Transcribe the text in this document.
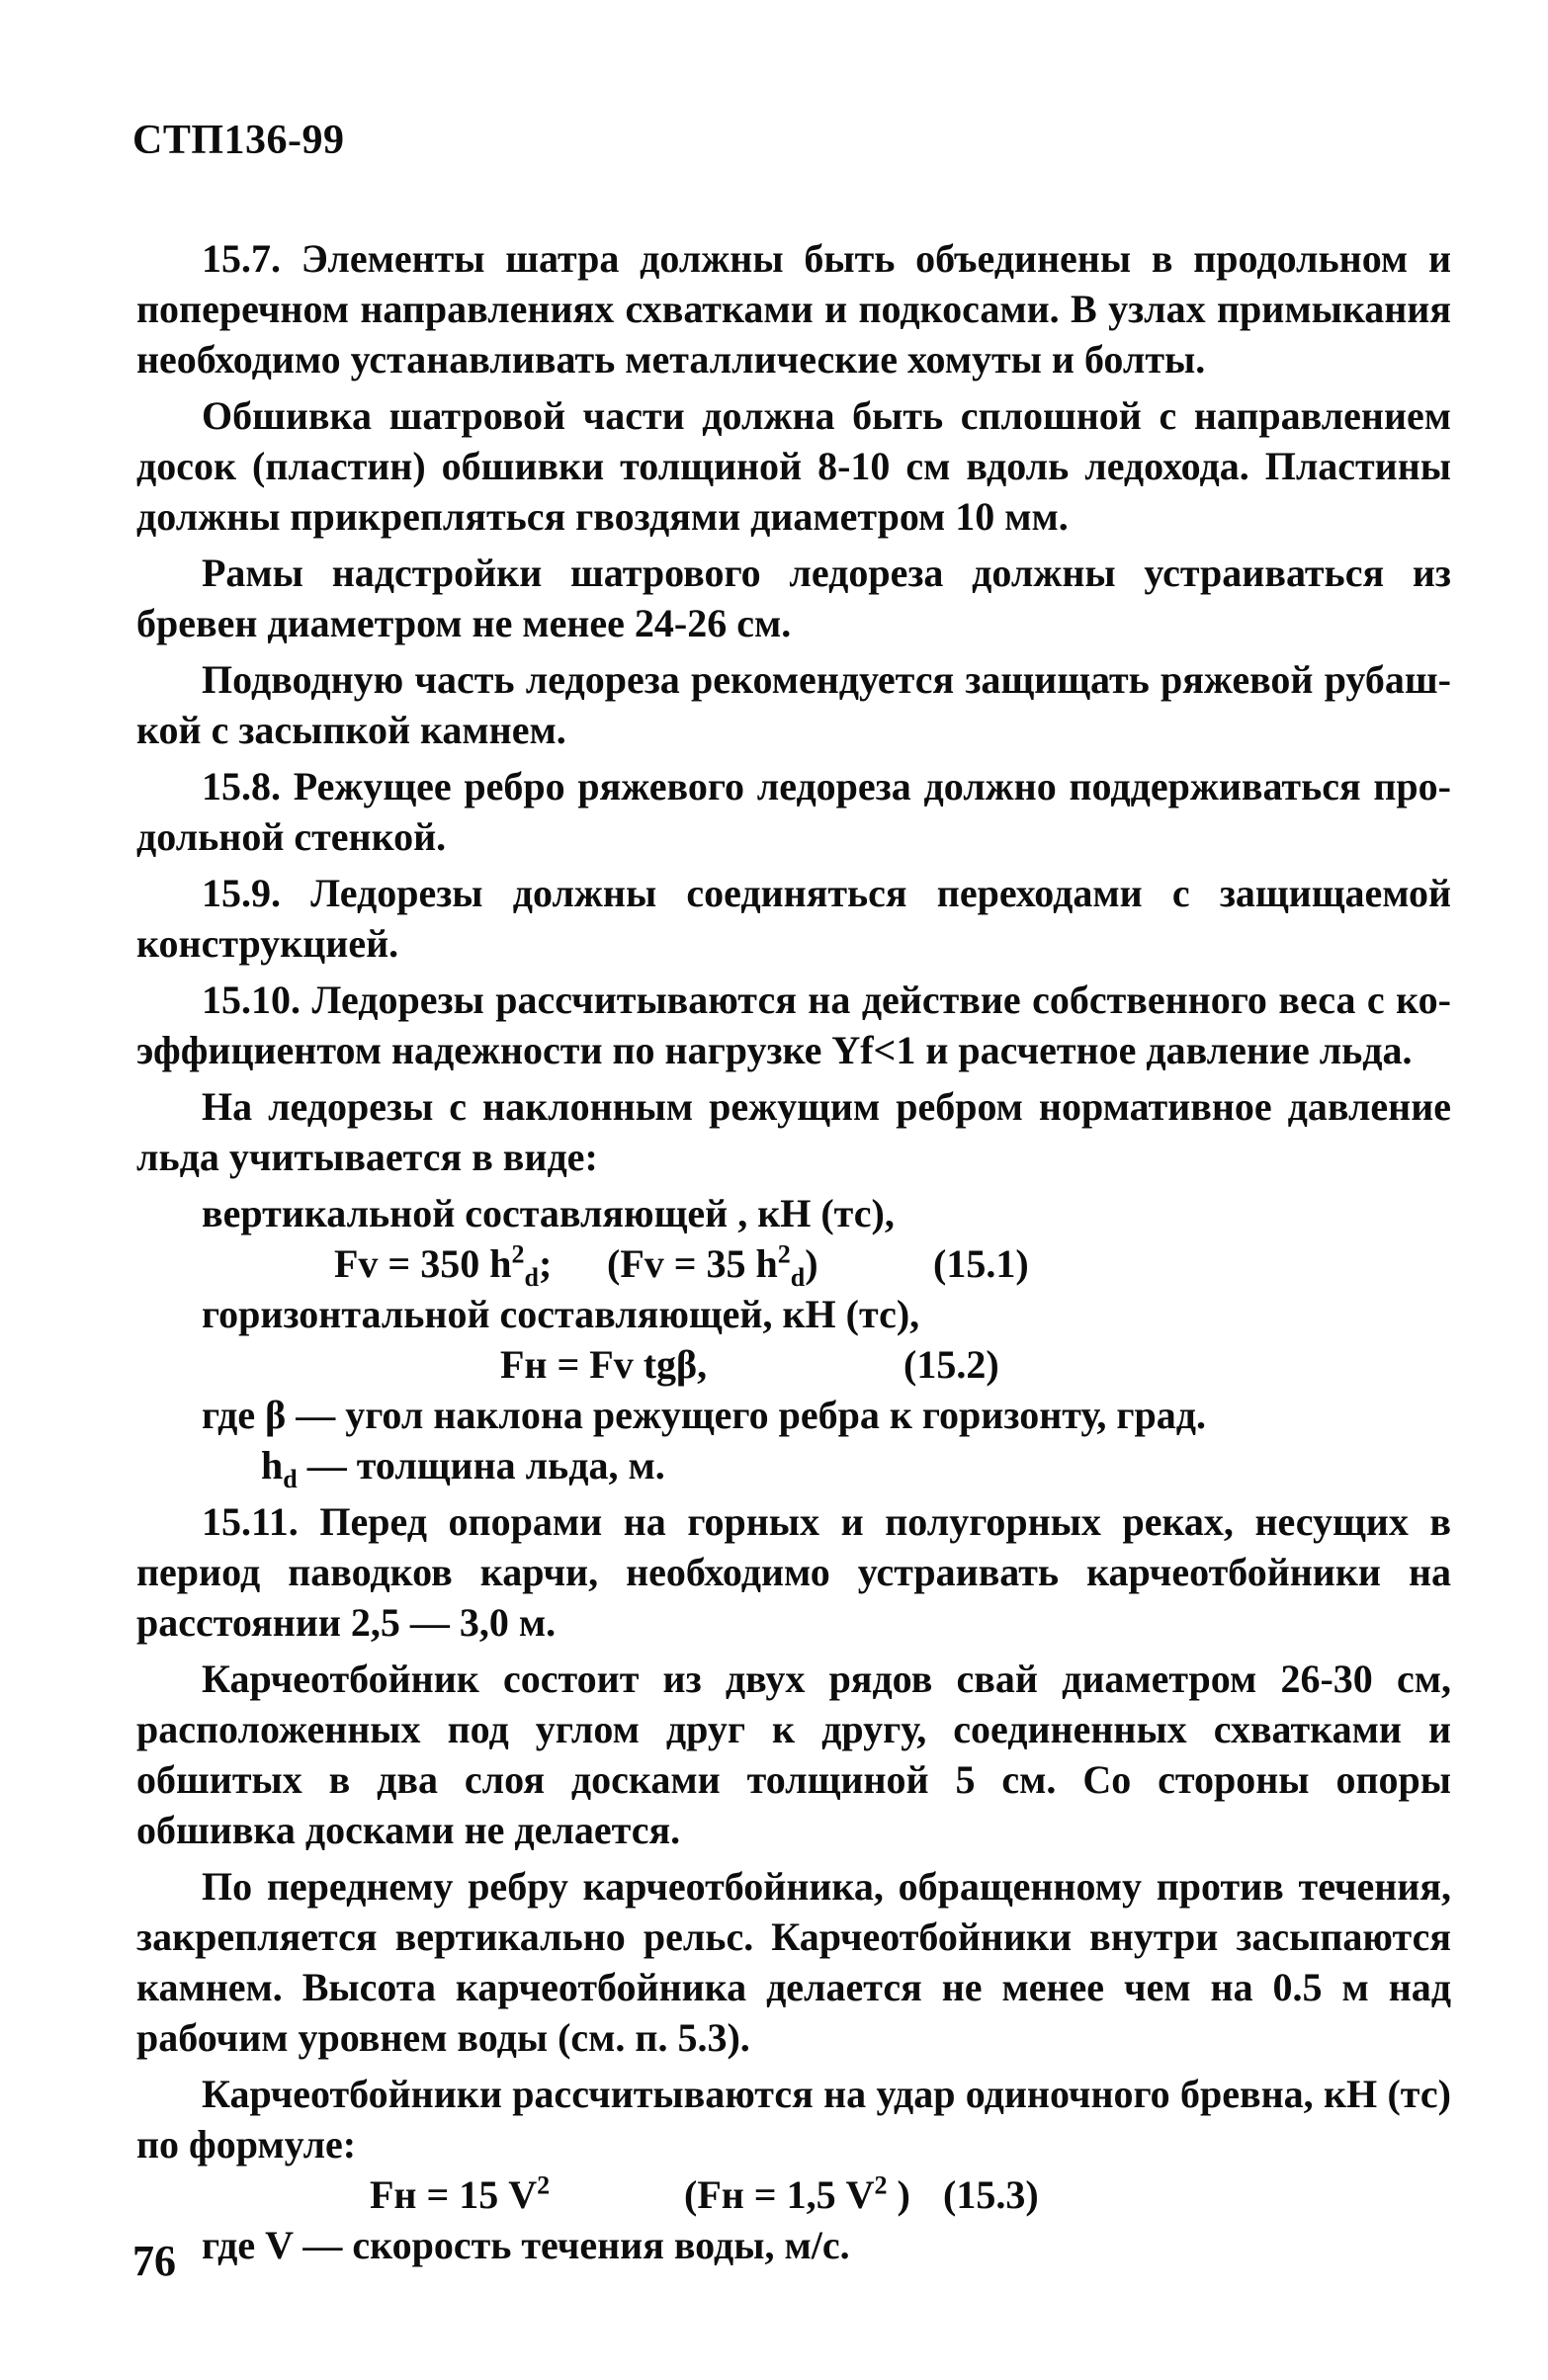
СТП136-99

15.7. Элементы шатра должны быть объединены в продольном и поперечном направлениях схватками и подкосами. В узлах примыкания необходимо устанавливать металлические хомуты и болты.

Обшивка шатровой части должна быть сплошной с направлением досок (пластин) обшивки толщиной 8-10 см вдоль ледохода. Пластины должны прикрепляться гвоздями диаметром 10 мм.

Рамы надстройки шатрового ледореза должны устраиваться из бревен диаметром не менее 24-26 см.

Подводную часть ледореза рекомендуется защищать ряжевой рубашкой с засыпкой камнем.

15.8. Режущее ребро ряжевого ледореза должно поддерживаться продольной стенкой.

15.9. Ледорезы должны соединяться переходами с защищаемой конструкцией.

15.10. Ледорезы рассчитываются на действие собственного веса с коэффициентом надежности по нагрузке Υf<1 и расчетное давление льда.

На ледорезы с наклонным режущим ребром нормативное давление льда учитывается в виде:

вертикальной составляющей , кН (тс),

Fv = 350 $h^2_d$;	(Fv = 35 $h^2_d$)	(15.1)

горизонтальной составляющей, кН (тс),

Fн = Fv tgβ,	(15.2)
где β — угол наклона режущего ребра к горизонту, град.
$h_d$ — толщина льда, м.

15.11. Перед опорами на горных и полугорных реках, несущих в период паводков карчи, необходимо устраивать карчеотбойники на расстоянии 2,5 — 3,0 м.

Карчеотбойник состоит из двух рядов свай диаметром 26-30 см, расположенных под углом друг к другу, соединенных схватками и обшитых в два слоя досками толщиной 5 см. Со стороны опоры обшивка досками не делается.

По переднему ребру карчеотбойника, обращенному против течения, закрепляется вертикально рельс. Карчеотбойники внутри засыпаются камнем. Высота карчеотбойника делается не менее чем на 0.5 м над рабочим уровнем воды (см. п. 5.3).

Карчеотбойники рассчитываются на удар одиночного бревна, кН (тс) по формуле:

Fн = 15 $V^2$	(Fн = 1,5 $V^2$ ) (15.3)
где V — скорость течения воды, м/с.
76
